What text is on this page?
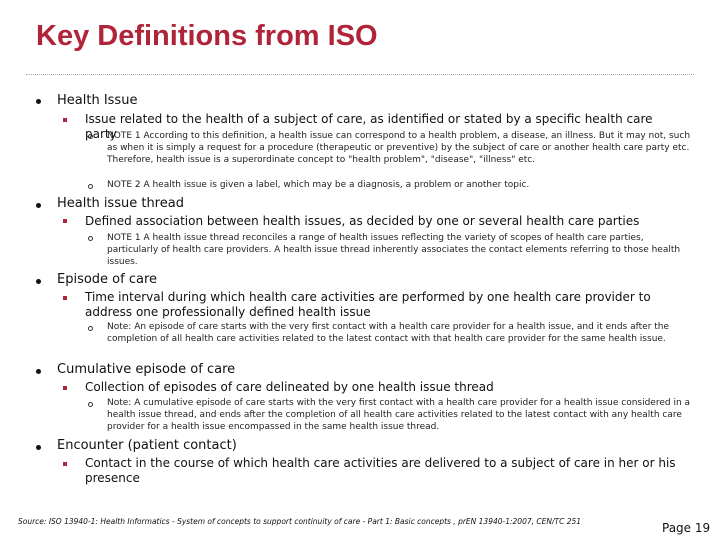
Key Definitions from ISO
Health Issue
Issue related to the health of a subject of care, as identified or stated by a specific health care party
NOTE 1 According to this definition, a health issue can correspond to a health problem, a disease, an illness. But it may not, such as when it is simply a request for a procedure (therapeutic or preventive) by the subject of care or another health care party etc. Therefore, health issue is a superordinate concept to "health problem", "disease", "illness" etc.
NOTE 2 A health issue is given a label, which may be a diagnosis, a problem or another topic.
Health issue thread
Defined association between health issues, as decided by one or several health care parties
NOTE 1 A health issue thread reconciles a range of health issues reflecting the variety of scopes of health care parties, particularly of health care providers. A health issue thread inherently associates the contact elements referring to those health issues.
Episode of care
Time interval during which health care activities are performed by one health care provider to address one professionally defined health issue
Note: An episode of care starts with the very first contact with a health care provider for a health issue, and it ends after the completion of all health care activities related to the latest contact with that health care provider for the same health issue.
Cumulative episode of care
Collection of episodes of care delineated by one health issue thread
Note: A cumulative episode of care starts with the very first contact with a health care provider for a health issue considered in a health issue thread, and ends after the completion of all health care activities related to the latest contact with any health care provider for a health issue encompassed in the same health issue thread.
Encounter (patient contact)
Contact in the course of which health care activities are delivered to a subject of care in her or his presence
Source: ISO 13940-1: Health Informatics - System of concepts to support continuity of care - Part 1: Basic concepts , prEN 13940-1:2007, CEN/TC 251	Page 19
